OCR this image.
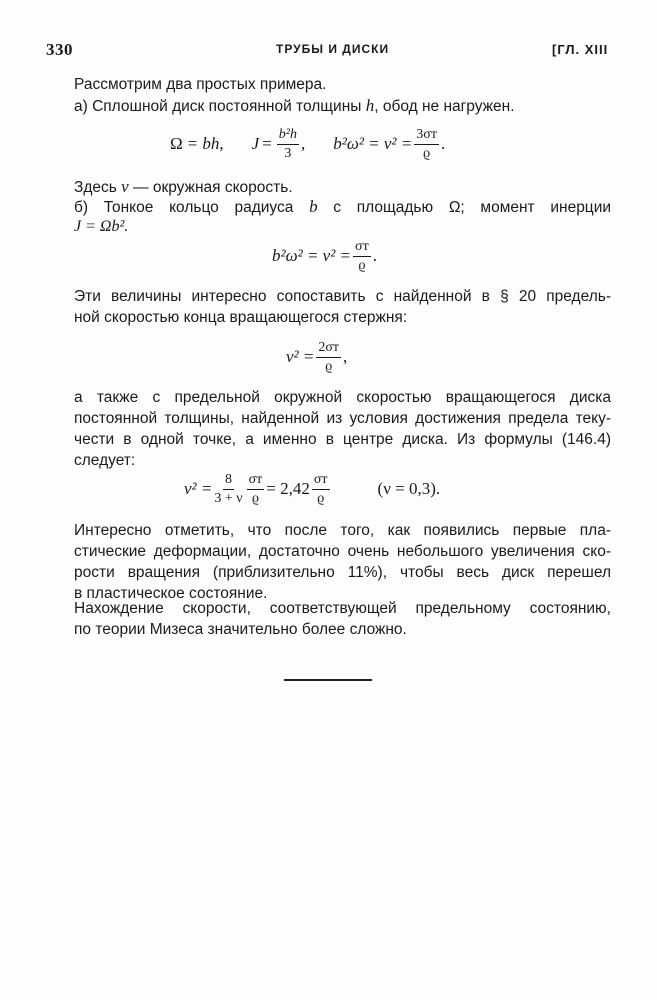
330	ТРУБЫ И ДИСКИ	[ГЛ. XIII
Рассмотрим два простых примера.
а) Сплошной диск постоянной толщины h, обод не нагружен.
Ω = bh, $J = \frac{\text{b²h}}{3}$ , $b^2\omega^2 = v^2 = \frac{3\sigma т}{ϱ}$ .
Здесь v — окружная скорость.
б) Тонкое кольцо радиуса b с площадью Ω; момент инерции
J = Ωb².
$b^2\omega^2 = v^2 = \frac{\sigma т}{ϱ}$ .
Эти величины интересно сопоставить с найденной в § 20 предель-
ной скоростью конца вращающегося стержня:
$v^2 = \frac{2\sigma т}{ϱ}$ ,
а также с предельной окружной скоростью вращающегося диска
постоянной толщины, найденной из условия достижения предела теку-
чести в одной точке, а именно в центре диска. Из формулы (146.4)
следует:
$v^2 = \frac{8}{3 + \nu} \frac{\sigma т}{ϱ} = 2,42 \frac{\sigma т}{ϱ}$	(ν = 0,3).
Интересно отметить, что после того, как появились первые пла-
стические деформации, достаточно очень небольшого увеличения ско-
рости вращения (приблизительно 11%), чтобы весь диск перешел
в пластическое состояние.
Нахождение скорости, соответствующей предельному состоянию,
по теории Мизеса значительно более сложно.
